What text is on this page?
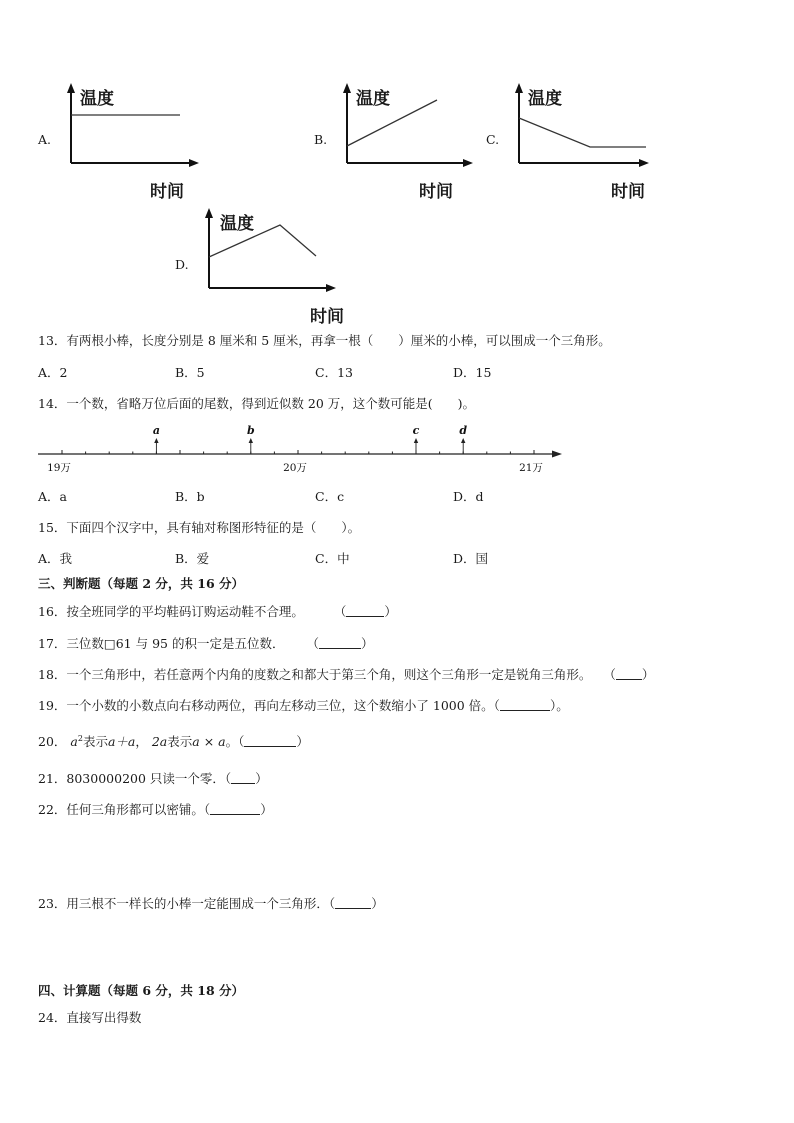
A.
温度
时间
B.
温度
时间
C.
温度
时间
D.
温度
时间
13．有两根小棒，长度分别是 8 厘米和 5 厘米，再拿一根（　　）厘米的小棒，可以围成一个三角形。
A．2	B．5	C．13	D．15
14．一个数，省略万位后面的尾数，得到近似数 20 万，这个数可能是(　　)。
a	b	c	d
19万	20万	21万
A．a	B．b	C．c	D．d
15．下面四个汉字中，具有轴对称图形特征的是（　　）。
A．我	B．爱	C．中	D．国
三、判断题（每题 2 分，共 16 分）
16．按全班同学的平均鞋码订购运动鞋不合理。 （	）
17．三位数□61 与 95 的积一定是五位数． （	）
18．一个三角形中，若任意两个内角的度数之和都大于第三个角，则这个三角形一定是锐角三角形。 （ ）
19．一个小数的小数点向右移动两位，再向左移动三位，这个数缩小了 1000 倍。（	）。
20． $a^2$表示a＋a， 2a表示a × a。（	）
21．8030000200 只读一个零．（ ）
22．任何三角形都可以密铺。（	）
23．用三根不一样长的小棒一定能围成一个三角形．（	）
四、计算题（每题 6 分，共 18 分）
24．直接写出得数
